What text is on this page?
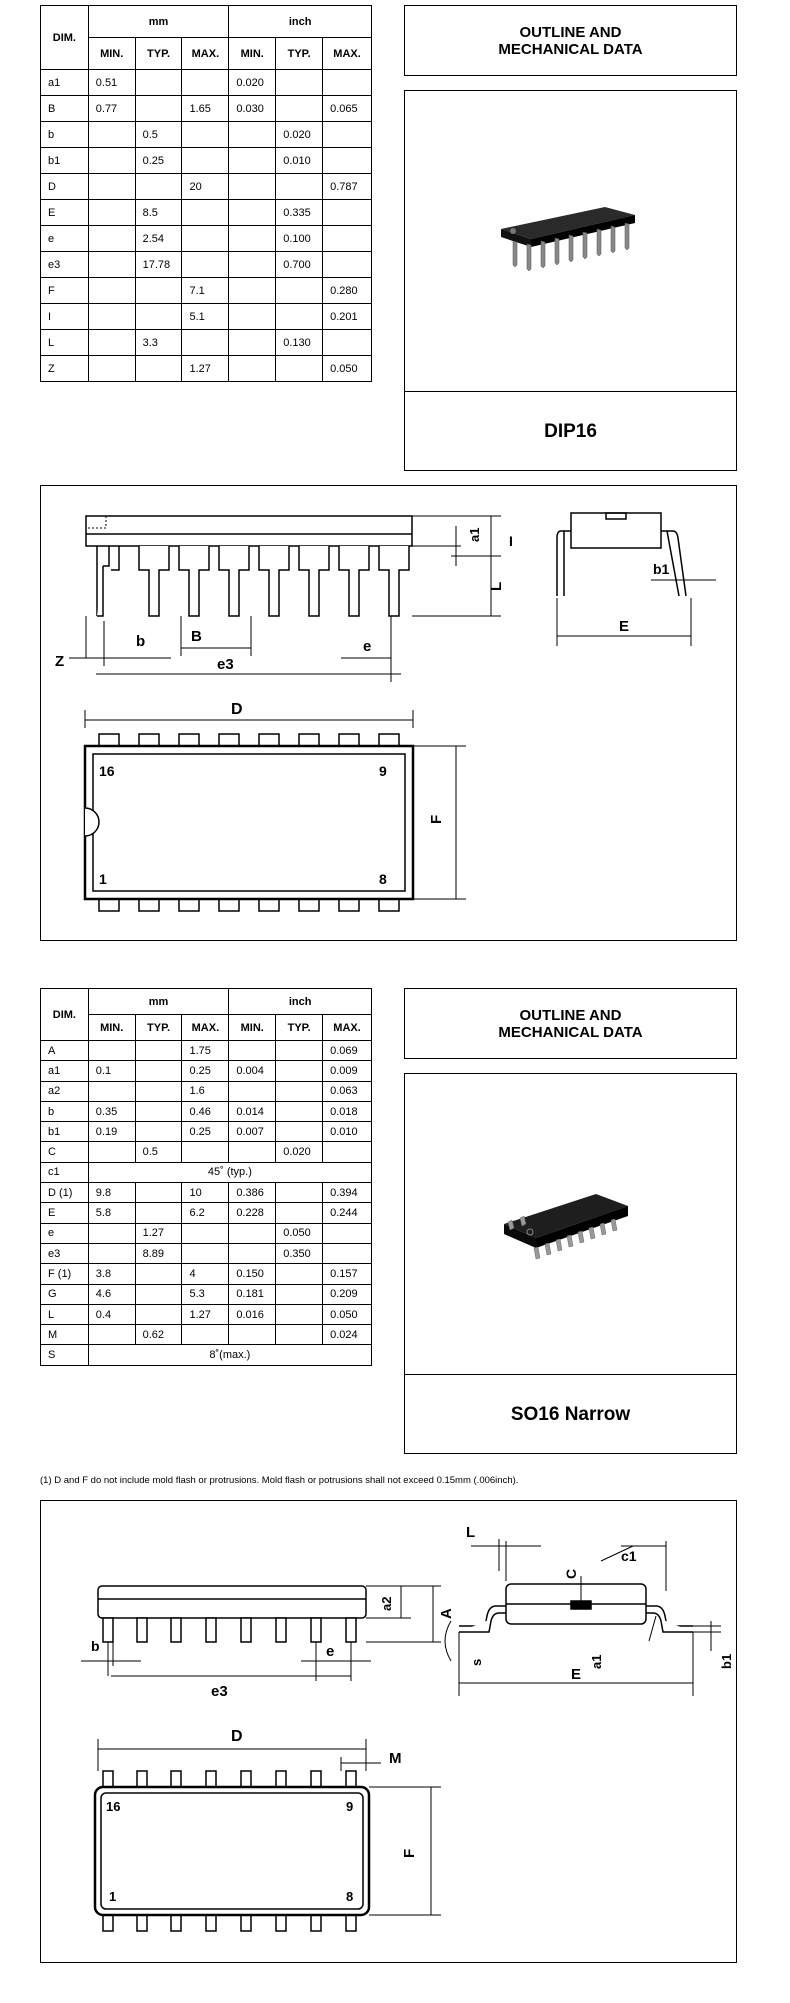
DIM.	mm			inch		
	MIN.	TYP.	MAX.	MIN.	TYP.	MAX.
a1	0.51			0.020		
B	0.77		1.65	0.030		0.065
b		0.5			0.020	
b1		0.25			0.010	
D			20			0.787
E		8.5			0.335	
e		2.54			0.100	
e3		17.78			0.700	
F			7.1			0.280
I			5.1			0.201
L		3.3			0.130	
Z			1.27			0.050
OUTLINE AND
MECHANICAL DATA
DIP16
a1 I
L
Z
b	B
e
e3
b1
E
D
F
16	9
1	8
DIM.	mm			inch		
	MIN.	TYP.	MAX.	MIN.	TYP.	MAX.
A			1.75			0.069
a1	0.1		0.25	0.004		0.009
a2			1.6			0.063
b	0.35		0.46	0.014		0.018
b1	0.19		0.25	0.007		0.010
C		0.5			0.020	
c1	45˚ (typ.)					
D (1)	9.8		10	0.386		0.394
E	5.8		6.2	0.228		0.244
e		1.27			0.050	
e3		8.89			0.350	
F (1)	3.8		4	0.150		0.157
G	4.6		5.3	0.181		0.209
L	0.4		1.27	0.016		0.050
M		0.62				0.024
S	8˚(max.)					
OUTLINE AND
MECHANICAL DATA
SO16 Narrow
(1) D and F do not include mold flash or protrusions. Mold flash or potrusions shall not exceed 0.15mm (.006inch).
a2
A
b	e
e3
L
C
c1
s	a1	b1
E
D
M
F
16	9
1	8
